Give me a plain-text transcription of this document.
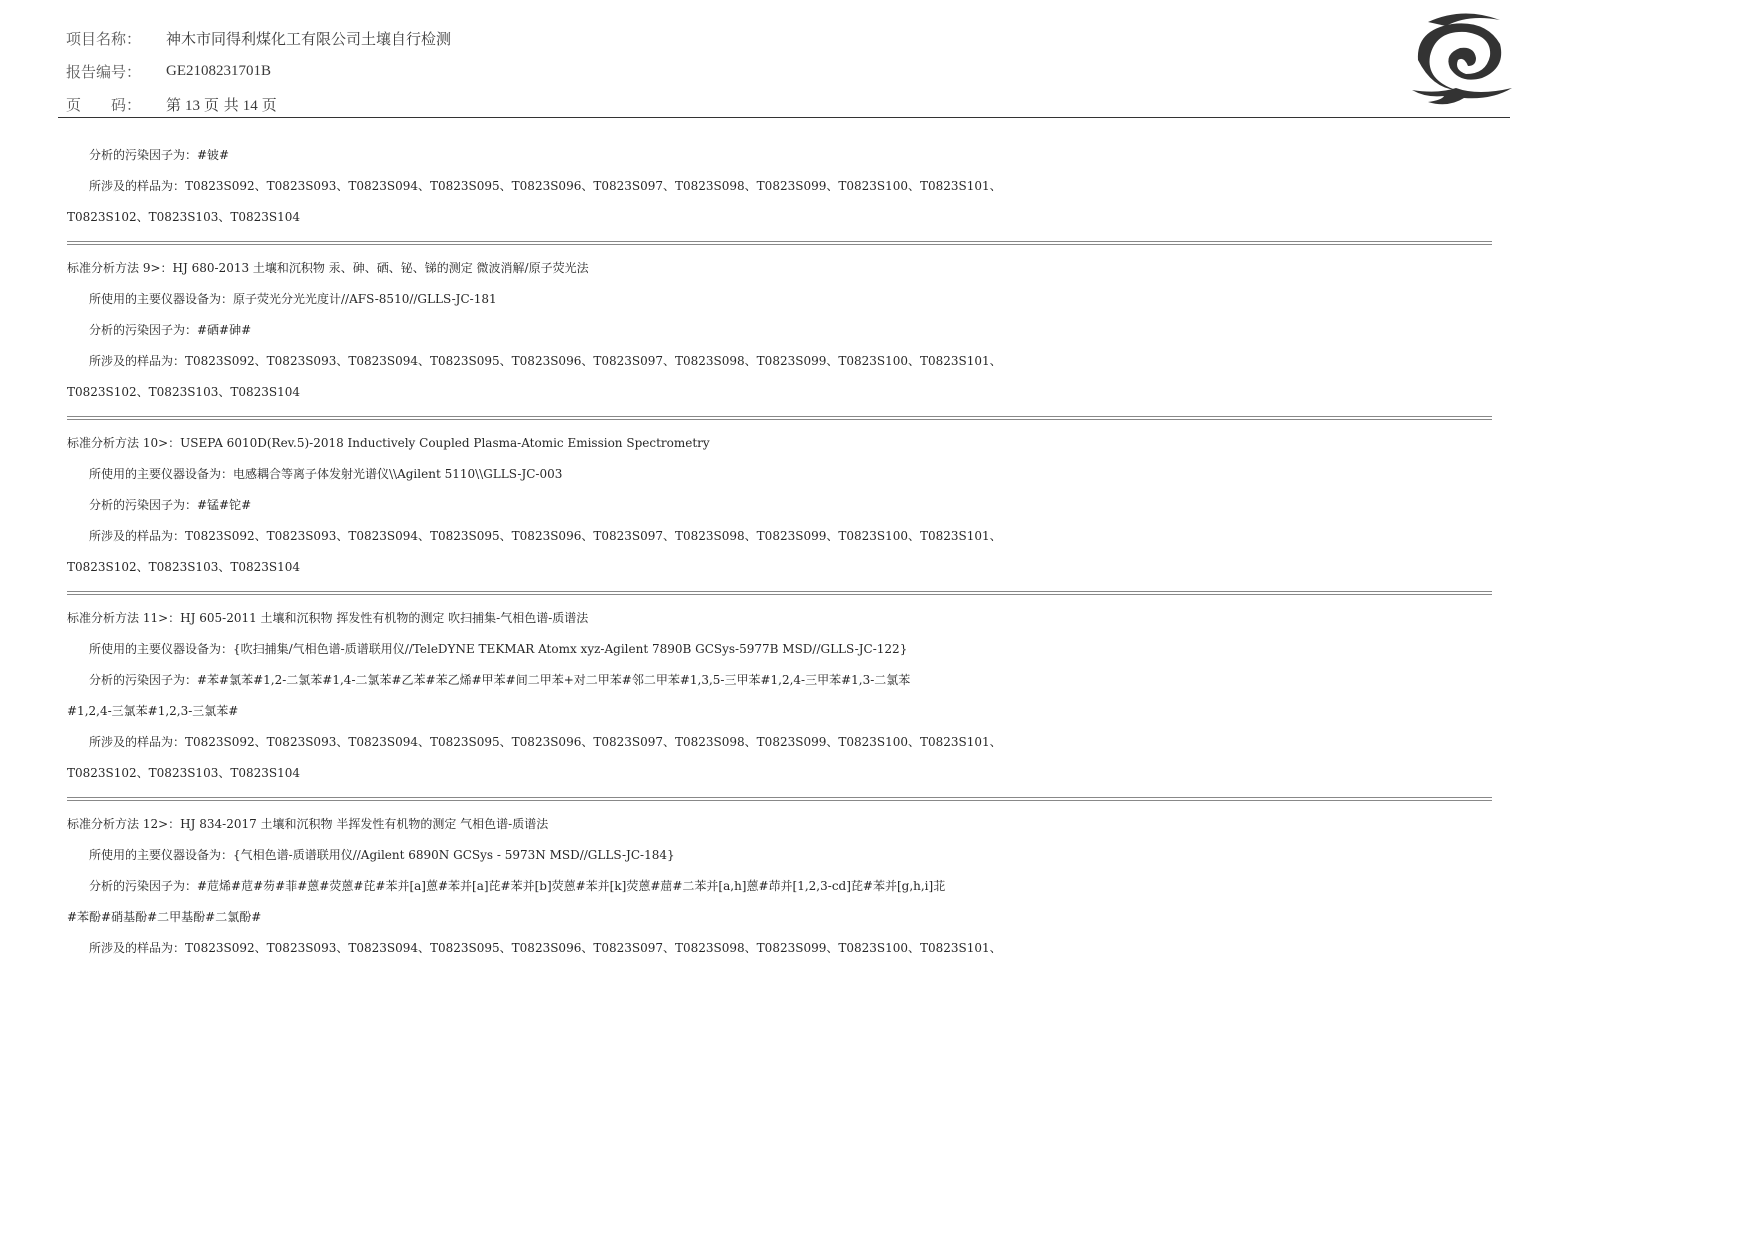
项目名称：	神木市同得利煤化工有限公司土壤自行检测
报告编号：	GE2108231701B
页　　码：	第 13 页 共 14 页
分析的污染因子为：#铍#
所涉及的样品为：T0823S092、T0823S093、T0823S094、T0823S095、T0823S096、T0823S097、T0823S098、T0823S099、T0823S100、T0823S101、
T0823S102、T0823S103、T0823S104
标准分析方法 9>：HJ 680-2013 土壤和沉积物 汞、砷、硒、铋、锑的测定 微波消解/原子荧光法
所使用的主要仪器设备为：原子荧光分光光度计//AFS-8510//GLLS-JC-181
分析的污染因子为：#硒#砷#
所涉及的样品为：T0823S092、T0823S093、T0823S094、T0823S095、T0823S096、T0823S097、T0823S098、T0823S099、T0823S100、T0823S101、
T0823S102、T0823S103、T0823S104
标准分析方法 10>：USEPA 6010D(Rev.5)-2018 Inductively Coupled Plasma-Atomic Emission Spectrometry
所使用的主要仪器设备为：电感耦合等离子体发射光谱仪\\Agilent 5110\\GLLS-JC-003
分析的污染因子为：#锰#铊#
所涉及的样品为：T0823S092、T0823S093、T0823S094、T0823S095、T0823S096、T0823S097、T0823S098、T0823S099、T0823S100、T0823S101、
T0823S102、T0823S103、T0823S104
标准分析方法 11>：HJ 605-2011 土壤和沉积物 挥发性有机物的测定 吹扫捕集-气相色谱-质谱法
所使用的主要仪器设备为：{吹扫捕集/气相色谱-质谱联用仪//TeleDYNE TEKMAR Atomx xyz-Agilent 7890B GCSys-5977B MSD//GLLS-JC-122}
分析的污染因子为：#苯#氯苯#1,2-二氯苯#1,4-二氯苯#乙苯#苯乙烯#甲苯#间二甲苯+对二甲苯#邻二甲苯#1,3,5-三甲苯#1,2,4-三甲苯#1,3-二氯苯
#1,2,4-三氯苯#1,2,3-三氯苯#
所涉及的样品为：T0823S092、T0823S093、T0823S094、T0823S095、T0823S096、T0823S097、T0823S098、T0823S099、T0823S100、T0823S101、
T0823S102、T0823S103、T0823S104
标准分析方法 12>：HJ 834-2017 土壤和沉积物 半挥发性有机物的测定 气相色谱-质谱法
所使用的主要仪器设备为：{气相色谱-质谱联用仪//Agilent 6890N GCSys - 5973N MSD//GLLS-JC-184}
分析的污染因子为：#苊烯#苊#芴#菲#蒽#荧蒽#芘#苯并[a]蒽#苯并[a]芘#苯并[b]荧蒽#苯并[k]荧蒽#䓛#二苯并[a,h]蒽#茚并[1,2,3-cd]芘#苯并[g,h,i]苝
#苯酚#硝基酚#二甲基酚#二氯酚#
所涉及的样品为：T0823S092、T0823S093、T0823S094、T0823S095、T0823S096、T0823S097、T0823S098、T0823S099、T0823S100、T0823S101、
